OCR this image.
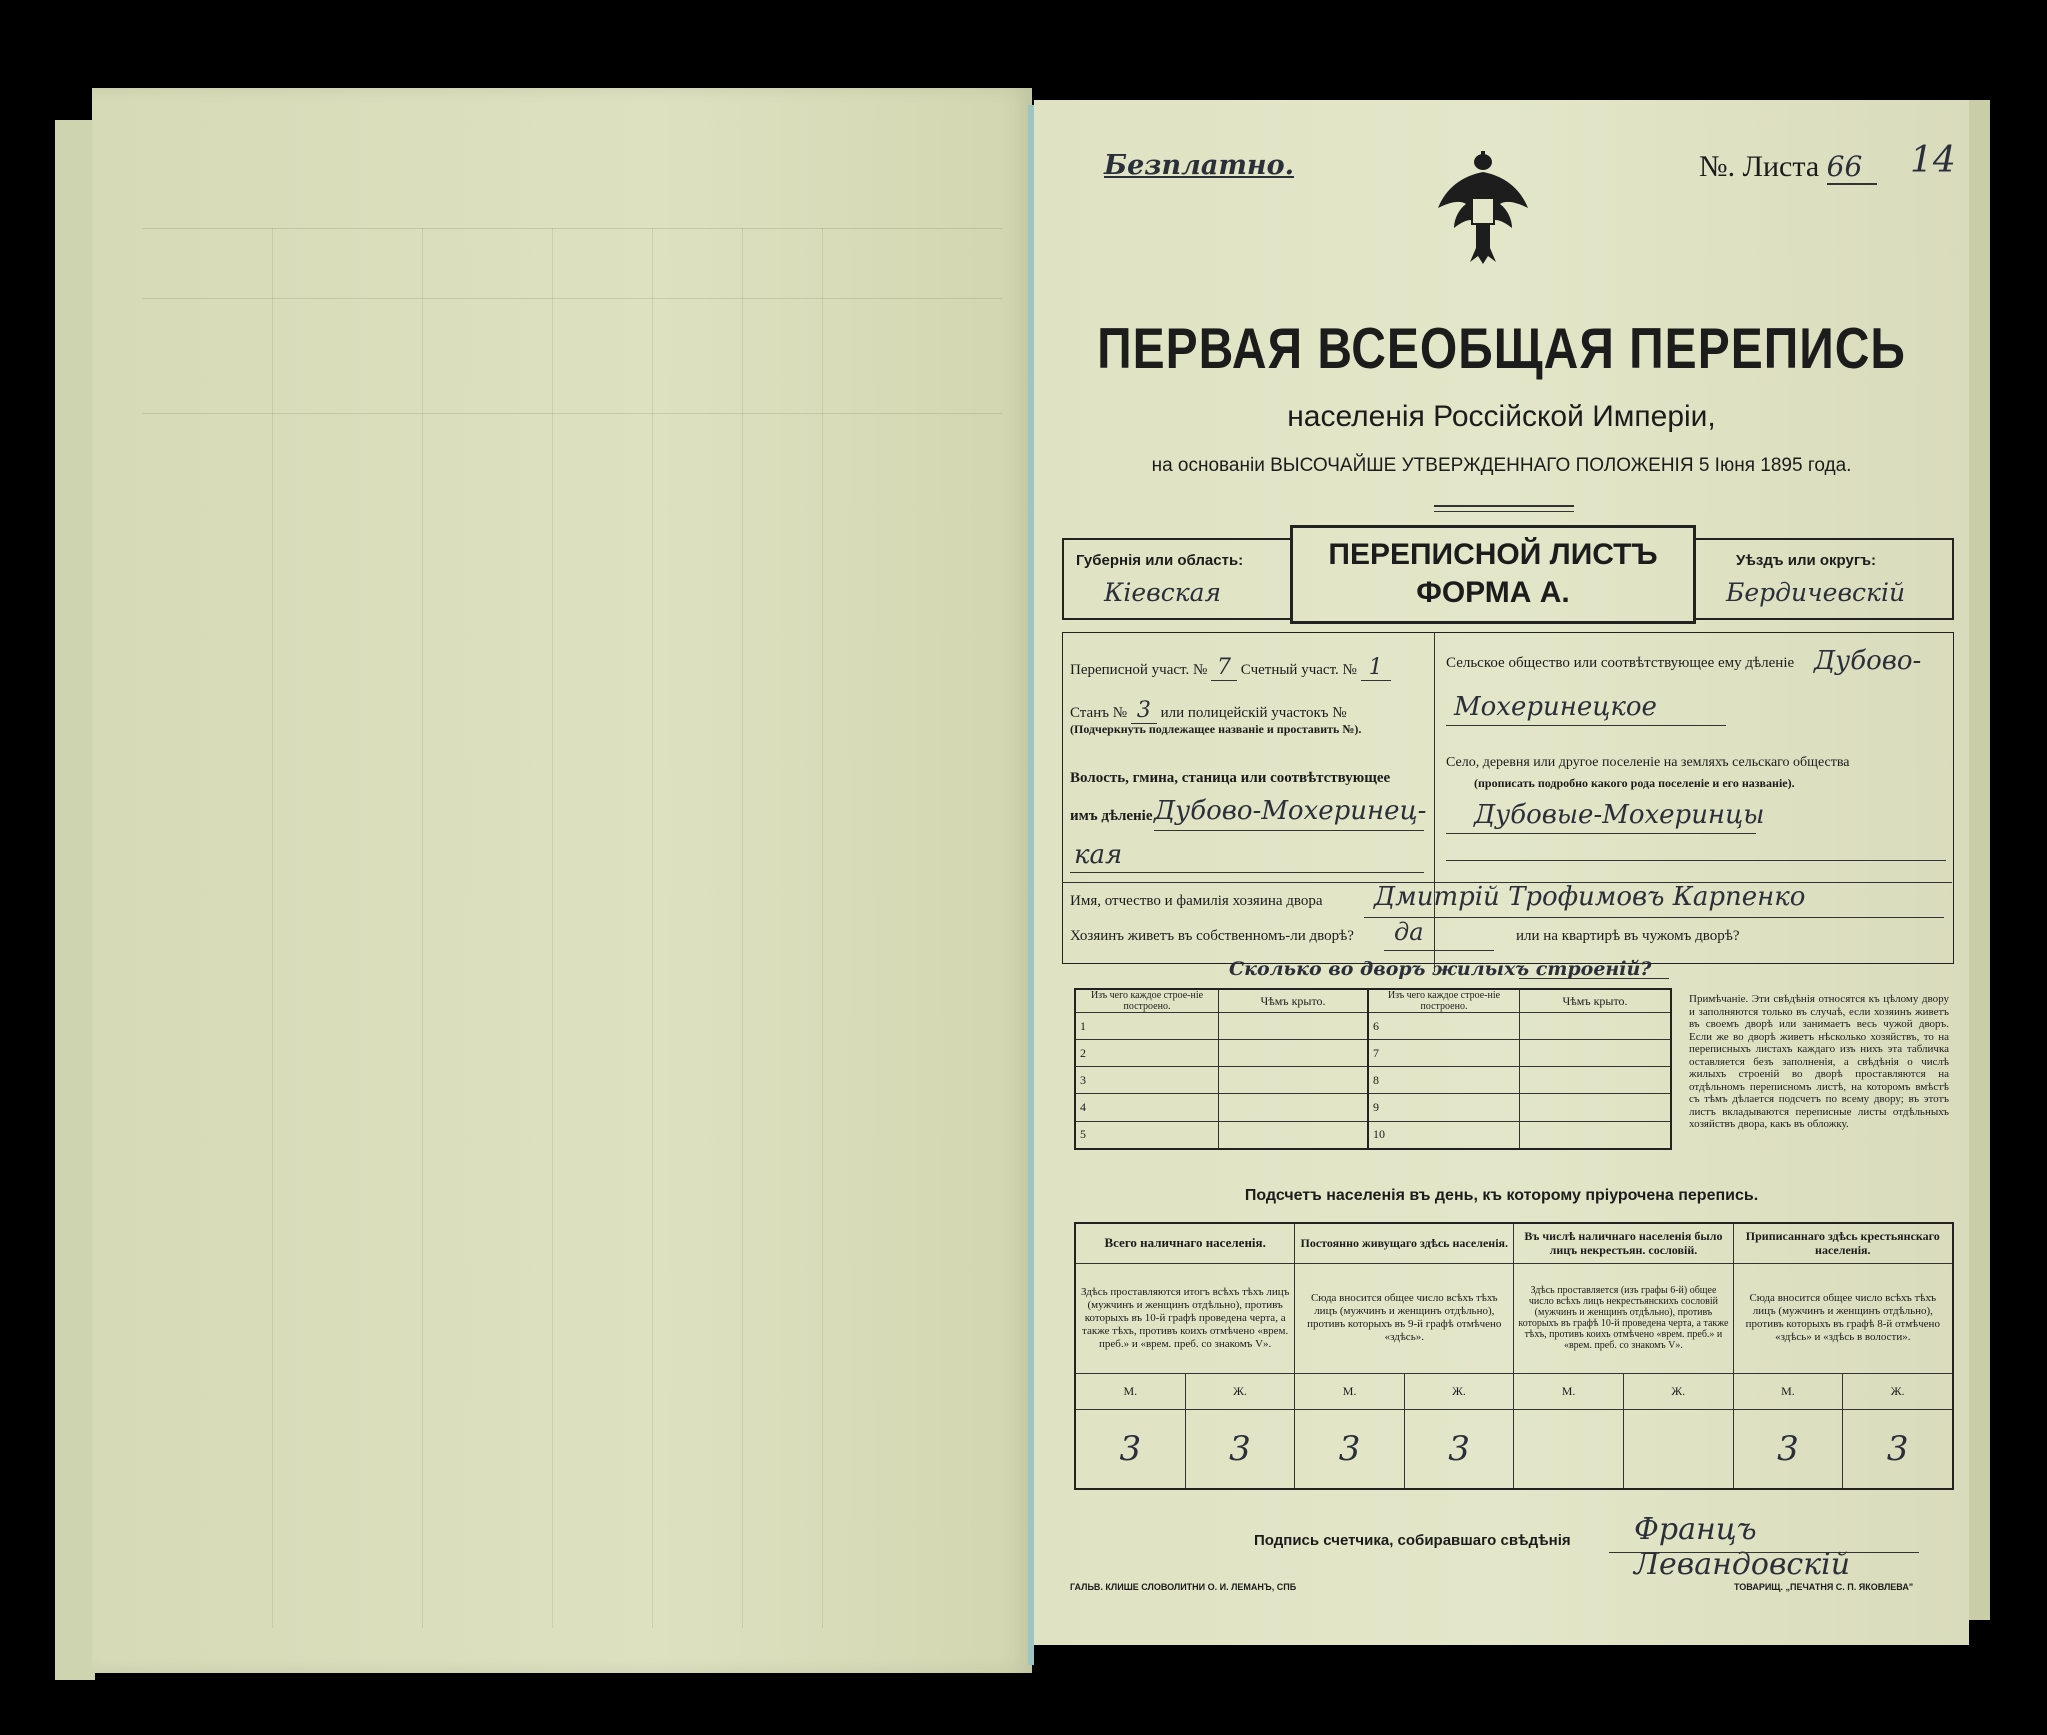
Безплатно.	№. Листа 66	14
ПЕРВАЯ ВСЕОБЩАЯ ПЕРЕПИСЬ
населенія Россійской Имперіи,
на основаніи ВЫСОЧАЙШЕ УТВЕРЖДЕННАГО ПОЛОЖЕНІЯ 5 Іюня 1895 года.
Губернія или область:
Кіевская
ПЕРЕПИСНОЙ ЛИСТЪ
ФОРМА А.
Уѣздъ или округъ:
Бердичевскій
Переписной участ. № 7 Счетный участ. № 1
Станъ № 3 или полицейскій участокъ №
(Подчеркнуть подлежащее названіе и проставить №).
Волость, гмина, станица или соотвѣтствующее
имъ дѣленіе Дубово-Мохеринец-
кая
Сельское общество или соотвѣтствующее ему дѣленіе Дубово-
Мохеринецкое
Село, деревня или другое поселеніе на земляхъ сельскаго общества
(прописать подробно какого рода поселеніе и его названіе).
Дубовые-Мохеринцы
Имя, отчество и фамилія хозяина двора Дмитрій Трофимовъ Карпенко
Хозяинъ живетъ въ собственномъ-ли дворѣ? да	или на квартирѣ въ чужомъ дворѣ?
Сколько во дворъ жилыхъ строеній?
Изъ чего каждое строе-ніе построено.	Чѣмъ крыто.	Изъ чего каждое строе-ніе построено.	Чѣмъ крыто.
1		6	
2		7	
3		8	
4		9	
5		10	
Примѣчаніе. Эти свѣдѣнія относятся къ цѣлому двору и заполняются только въ случаѣ, если хозяинъ живетъ въ своемъ дворѣ или занимаетъ весь чужой дворъ. Если же во дворѣ живетъ нѣсколько хозяйствъ, то на переписныхъ листахъ каждаго изъ нихъ эта табличка оставляется безъ заполненія, а свѣдѣнія о числѣ жилыхъ строеній во дворѣ проставляются на отдѣльномъ переписномъ листѣ, на которомъ вмѣстѣ съ тѣмъ дѣлается подсчетъ по всему двору; въ этотъ листъ вкладываются переписные листы отдѣльныхъ хозяйствъ двора, какъ въ обложку.
Подсчетъ населенія въ день, къ которому пріурочена перепись.
Всего наличнаго населенія.		Постоянно живущаго здѣсь населенія.		Въ числѣ наличнаго населенія было лицъ некрестьян. сословій.		Приписаннаго здѣсь крестьянскаго населенія.	
Здѣсь проставляются итогъ всѣхъ тѣхъ лицъ (мужчинъ и женщинъ отдѣльно), противъ которыхъ въ 10-й графѣ проведена черта, а также тѣхъ, противъ коихъ отмѣчено «врем. преб.» и «врем. преб. со знакомъ V».		Сюда вносится общее число всѣхъ тѣхъ лицъ (мужчинъ и женщинъ отдѣльно), противъ которыхъ въ 9-й графѣ отмѣчено «здѣсь».		Здѣсь проставляется (изъ графы 6-й) общее число всѣхъ лицъ некрестьянскихъ сословій (мужчинъ и женщинъ отдѣльно), противъ которыхъ въ графѣ 10-й проведена черта, а также тѣхъ, противъ коихъ отмѣчено «врем. преб.» и «врем. преб. со знакомъ V».		Сюда вносится общее число всѣхъ тѣхъ лицъ (мужчинъ и женщинъ отдѣльно), противъ которыхъ въ графѣ 8-й отмѣчено «здѣсь» и «здѣсь в волости».	
М.	Ж.	М.	Ж.	М.	Ж.	М.	Ж.
3	3	3	3			3	3
Подпись счетчика, собиравшаго свѣдѣнія Францъ Левандовскій
ГАЛЬВ. КЛИШЕ СЛОВОЛИТНИ О. И. ЛЕМАНЪ, СПБ	ТОВАРИЩ. „ПЕЧАТНЯ С. П. ЯКОВЛЕВА"
